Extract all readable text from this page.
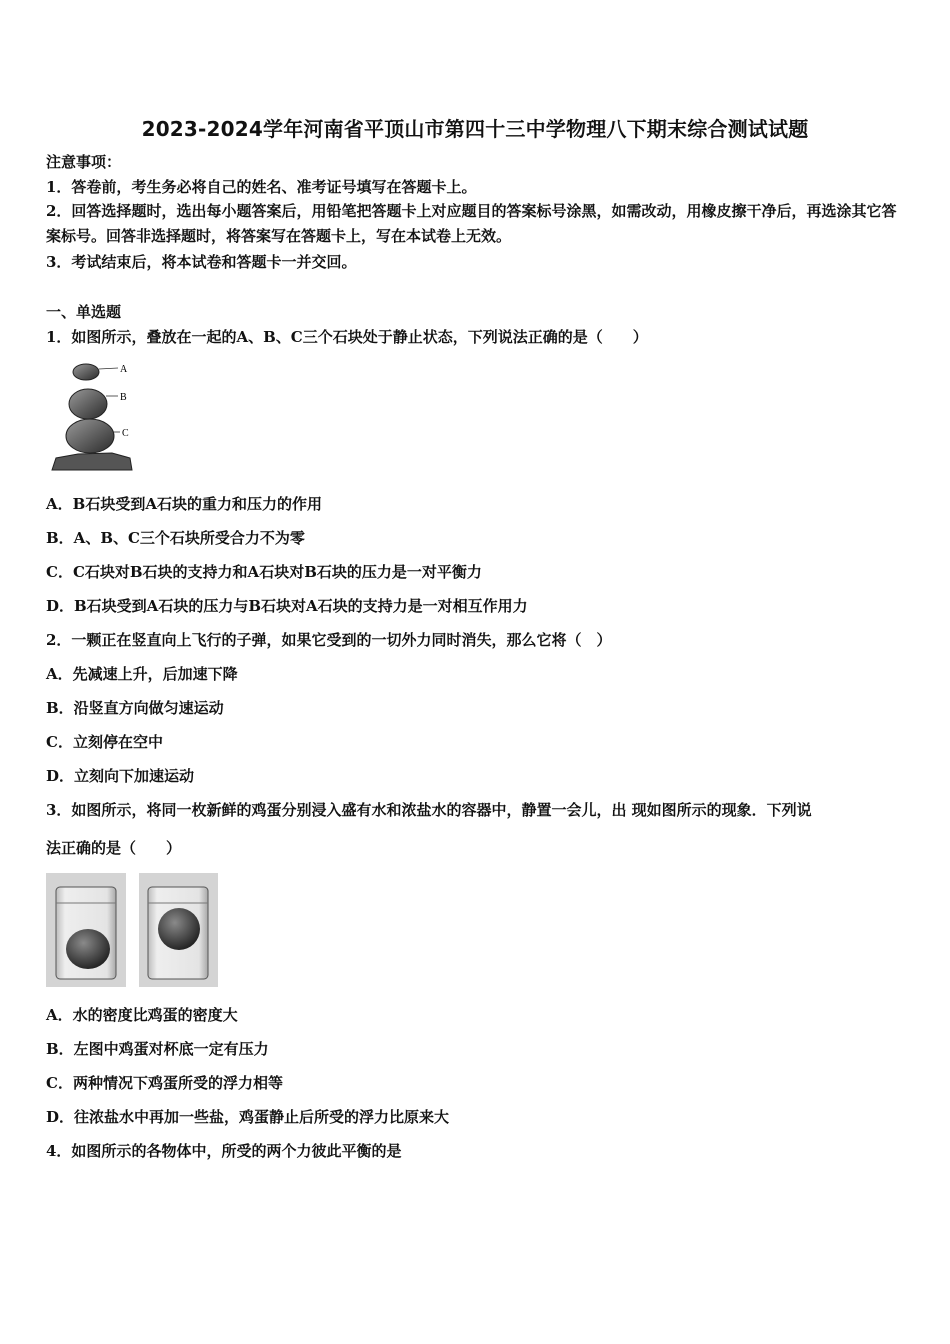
2023-2024学年河南省平顶山市第四十三中学物理八下期末综合测试试题
注意事项：
1．答卷前，考生务必将自己的姓名、准考证号填写在答题卡上。
2．回答选择题时，选出每小题答案后，用铅笔把答题卡上对应题目的答案标号涂黑，如需改动，用橡皮擦干净后，再选涂其它答案标号。回答非选择题时，将答案写在答题卡上，写在本试卷上无效。
3．考试结束后，将本试卷和答题卡一并交回。
一、单选题
1．如图所示，叠放在一起的A、B、C三个石块处于静止状态，下列说法正确的是（　　）
A
B
C
A．B石块受到A石块的重力和压力的作用
B．A、B、C三个石块所受合力不为零
C．C石块对B石块的支持力和A石块对B石块的压力是一对平衡力
D．B石块受到A石块的压力与B石块对A石块的支持力是一对相互作用力
2．一颗正在竖直向上飞行的子弹，如果它受到的一切外力同时消失，那么它将（　）
A．先减速上升，后加速下降
B．沿竖直方向做匀速运动
C．立刻停在空中
D．立刻向下加速运动
3．如图所示，将同一枚新鲜的鸡蛋分别浸入盛有水和浓盐水的容器中，静置一会儿，出 现如图所示的现象．下列说
法正确的是（　　）
A．水的密度比鸡蛋的密度大
B．左图中鸡蛋对杯底一定有压力
C．两种情况下鸡蛋所受的浮力相等
D．往浓盐水中再加一些盐，鸡蛋静止后所受的浮力比原来大
4．如图所示的各物体中，所受的两个力彼此平衡的是
